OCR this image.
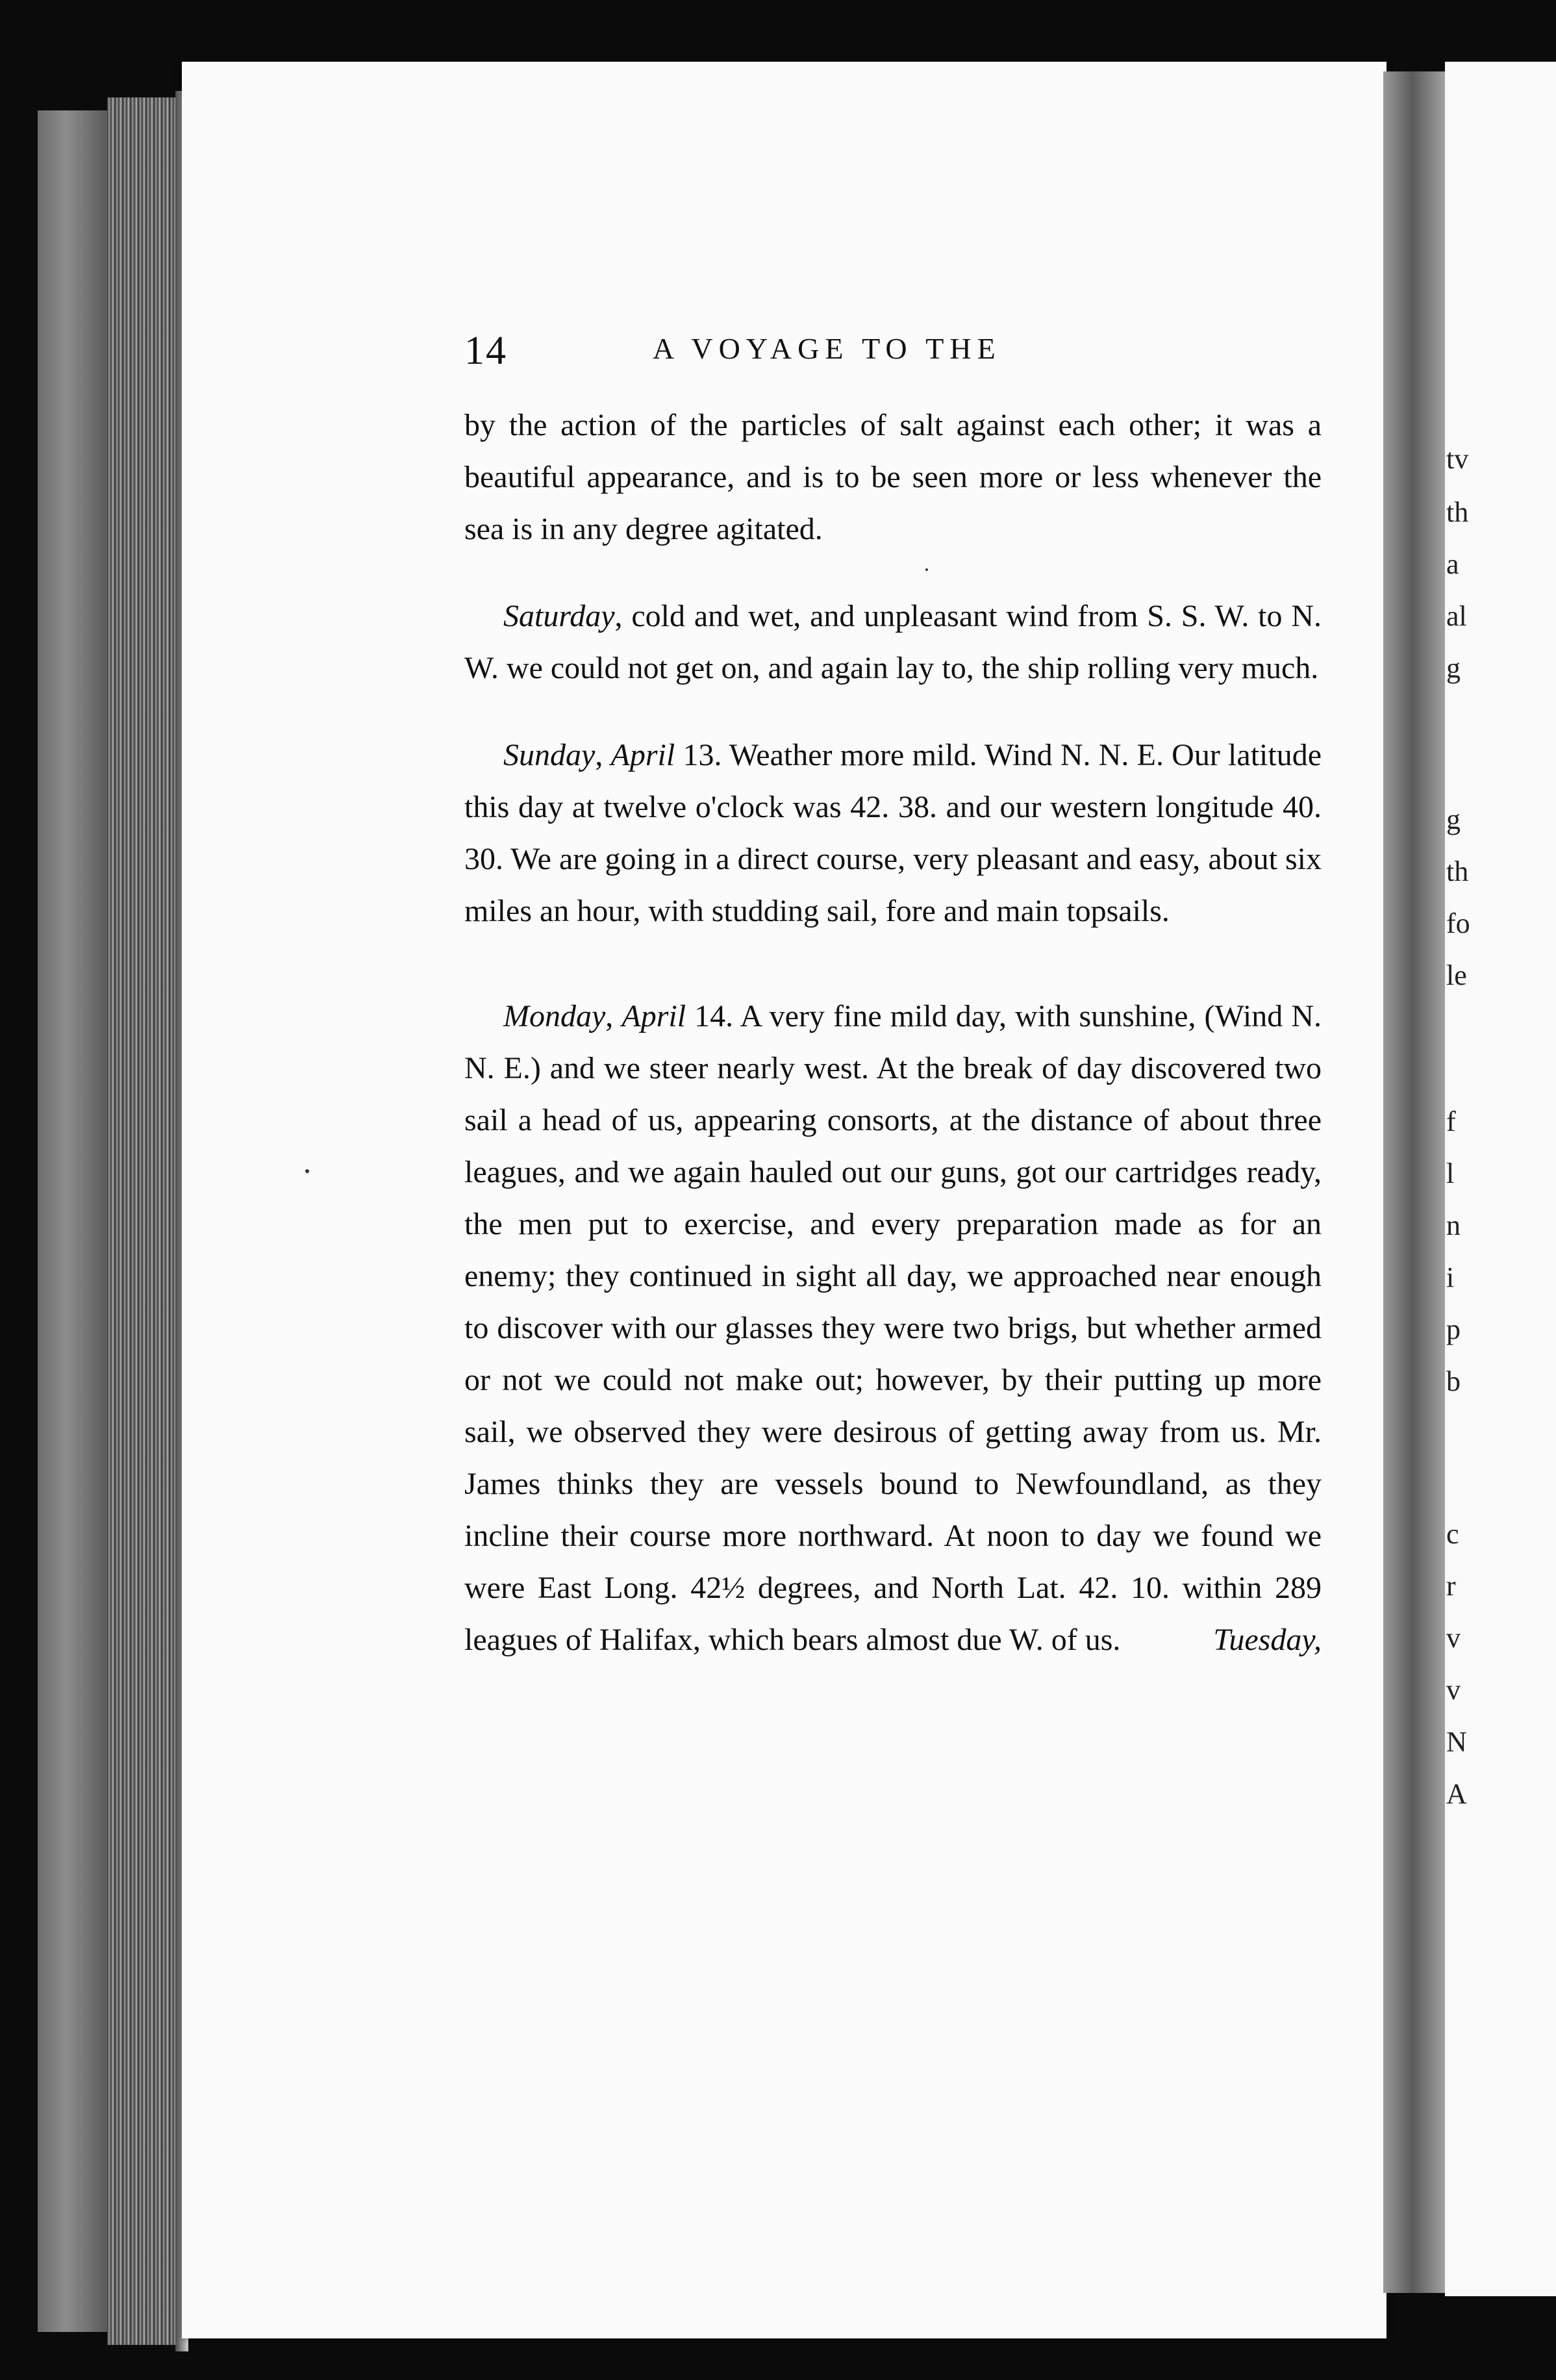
tv
th
a
al
g
g
th
fo
le
f
l
n
i
p
b
c
r
v
v
N
A
14	A VOYAGE TO THE

by the action of the particles of salt against each other; it was a beautiful appearance, and is to be seen more or less whenever the sea is in any degree agitated.

Saturday, cold and wet, and unpleasant wind from S. S. W. to N. W. we could not get on, and again lay to, the ship rolling very much.

Sunday, April 13. Weather more mild. Wind N. N. E. Our latitude this day at twelve o'clock was 42. 38. and our western longitude 40. 30. We are going in a direct course, very pleasant and easy, about six miles an hour, with studding sail, fore and main topsails.

Monday, April 14. A very fine mild day, with sunshine, (Wind N. N. E.) and we steer nearly west. At the break of day discovered two sail a head of us, appearing consorts, at the distance of about three leagues, and we again hauled out our guns, got our cartridges ready, the men put to exercise, and every preparation made as for an enemy; they continued in sight all day, we approached near enough to discover with our glasses they were two brigs, but whether armed or not we could not make out; however, by their putting up more sail, we observed they were desirous of getting away from us. Mr. James thinks they are vessels bound to Newfoundland, as they incline their course more northward. At noon to day we found we were East Long. 42½ degrees, and North Lat. 42. 10. within 289 leagues of Halifax, which bears almost due W. of us.	Tuesday,
